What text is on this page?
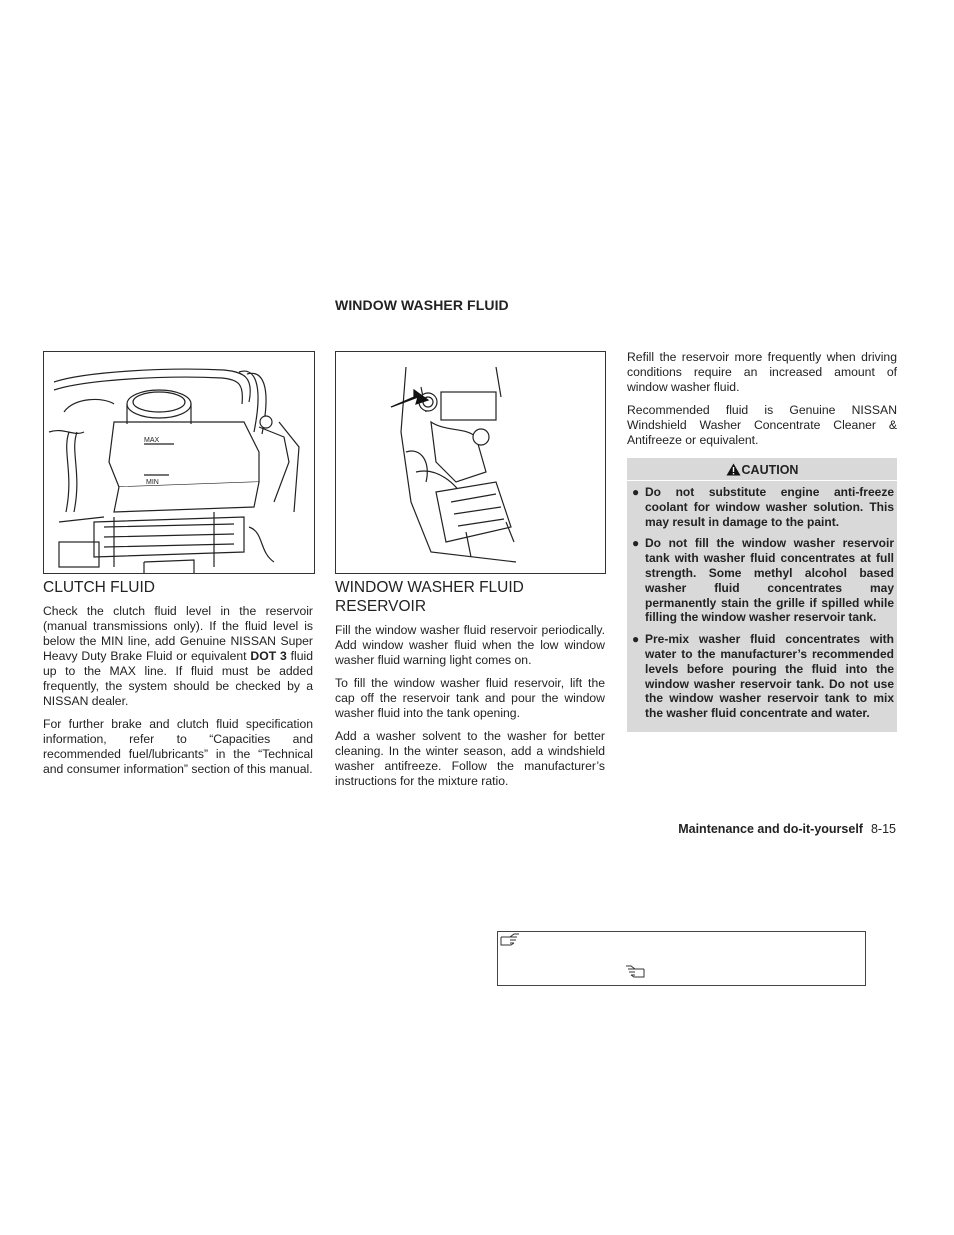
WINDOW WASHER FLUID
MAX
MIN
CLUTCH FLUID

Check the clutch fluid level in the reservoir (manual transmissions only). If the fluid level is below the MIN line, add Genuine NISSAN Super Heavy Duty Brake Fluid or equivalent DOT 3 fluid up to the MAX line. If fluid must be added frequently, the system should be checked by a NISSAN dealer.

For further brake and clutch fluid specification information, refer to “Capacities and recommended fuel/lubricants” in the “Technical and consumer information” section of this manual.

WINDOW WASHER FLUID RESERVOIR

Fill the window washer fluid reservoir periodically. Add window washer fluid when the low window washer fluid warning light comes on.

To fill the window washer fluid reservoir, lift the cap off the reservoir tank and pour the window washer fluid into the tank opening.

Add a washer solvent to the washer for better cleaning. In the winter season, add a windshield washer antifreeze. Follow the manufacturer’s instructions for the mixture ratio.

Refill the reservoir more frequently when driving conditions require an increased amount of window washer fluid.

Recommended fluid is Genuine NISSAN Windshield Washer Concentrate Cleaner & Antifreeze or equivalent.

CAUTION
● Do not substitute engine anti-freeze coolant for window washer solution. This may result in damage to the paint.
● Do not fill the window washer reservoir tank with washer fluid concentrates at full strength. Some methyl alcohol based washer fluid concentrates may permanently stain the grille if spilled while filling the window washer reservoir tank.
● Pre-mix washer fluid concentrates with water to the manufacturer’s recommended levels before pouring the fluid into the window washer reservoir tank. Do not use the window washer reservoir tank to mix the washer fluid concentrate and water.
Maintenance and do-it-yourself 8-15
